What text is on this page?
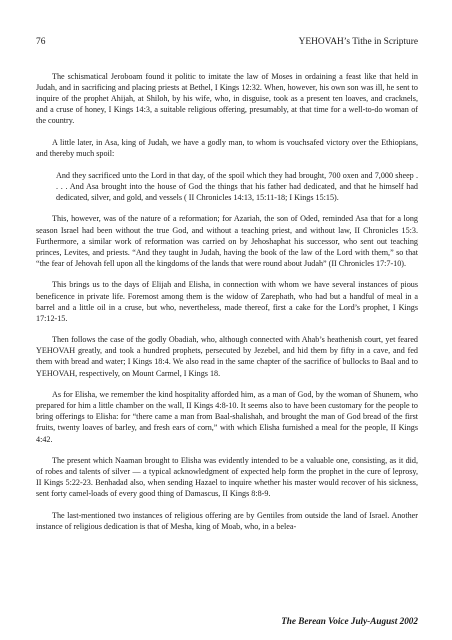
76	YEHOVAH’s Tithe in Scripture

The schismatical Jeroboam found it politic to imitate the law of Moses in ordaining a feast like that held in Judah, and in sacrificing and placing priests at Bethel, I Kings 12:32. When, however, his own son was ill, he sent to inquire of the prophet Ahijah, at Shiloh, by his wife, who, in disguise, took as a present ten loaves, and cracknels, and a cruse of honey, I Kings 14:3, a suitable religious offering, presumably, at that time for a well-to-do woman of the country.

A little later, in Asa, king of Judah, we have a godly man, to whom is vouchsafed victory over the Ethiopians, and thereby much spoil:

And they sacrificed unto the Lord in that day, of the spoil which they had brought, 700 oxen and 7,000 sheep . . . . And Asa brought into the house of God the things that his father had dedicated, and that he himself had dedicated, silver, and gold, and vessels ( II Chronicles 14:13, 15:11-18; I Kings 15:15).

This, however, was of the nature of a reformation; for Azariah, the son of Oded, reminded Asa that for a long season Israel had been without the true God, and without a teaching priest, and without law, II Chronicles 15:3. Furthermore, a similar work of reformation was carried on by Jehoshaphat his successor, who sent out teaching princes, Levites, and priests. “And they taught in Judah, having the book of the law of the Lord with them,” so that “the fear of Jehovah fell upon all the kingdoms of the lands that were round about Judah” (II Chronicles 17:7-10).

This brings us to the days of Elijah and Elisha, in connection with whom we have several instances of pious beneficence in private life. Foremost among them is the widow of Zarephath, who had but a handful of meal in a barrel and a little oil in a cruse, but who, nevertheless, made thereof, first a cake for the Lord’s prophet, I Kings 17:12-15.

Then follows the case of the godly Obadiah, who, although connected with Ahab’s heathenish court, yet feared YEHOVAH greatly, and took a hundred prophets, persecuted by Jezebel, and hid them by fifty in a cave, and fed them with bread and water; I Kings 18:4. We also read in the same chapter of the sacrifice of bullocks to Baal and to YEHOVAH, respectively, on Mount Carmel, I Kings 18.

As for Elisha, we remember the kind hospitality afforded him, as a man of God, by the woman of Shunem, who prepared for him a little chamber on the wall, II Kings 4:8-10. It seems also to have been customary for the people to bring offerings to Elisha: for “there came a man from Baal-shalishah, and brought the man of God bread of the first fruits, twenty loaves of barley, and fresh ears of corn,” with which Elisha furnished a meal for the people, II Kings 4:42.

The present which Naaman brought to Elisha was evidently intended to be a valuable one, consisting, as it did, of robes and talents of silver — a typical acknowledgment of expected help form the prophet in the cure of leprosy, II Kings 5:22-23. Benhadad also, when sending Hazael to inquire whether his master would recover of his sickness, sent forty camel-loads of every good thing of Damascus, II Kings 8:8-9.

The last-mentioned two instances of religious offering are by Gentiles from outside the land of Israel. Another instance of religious dedication is that of Mesha, king of Moab, who, in a belea-

The Berean Voice July-August 2002
